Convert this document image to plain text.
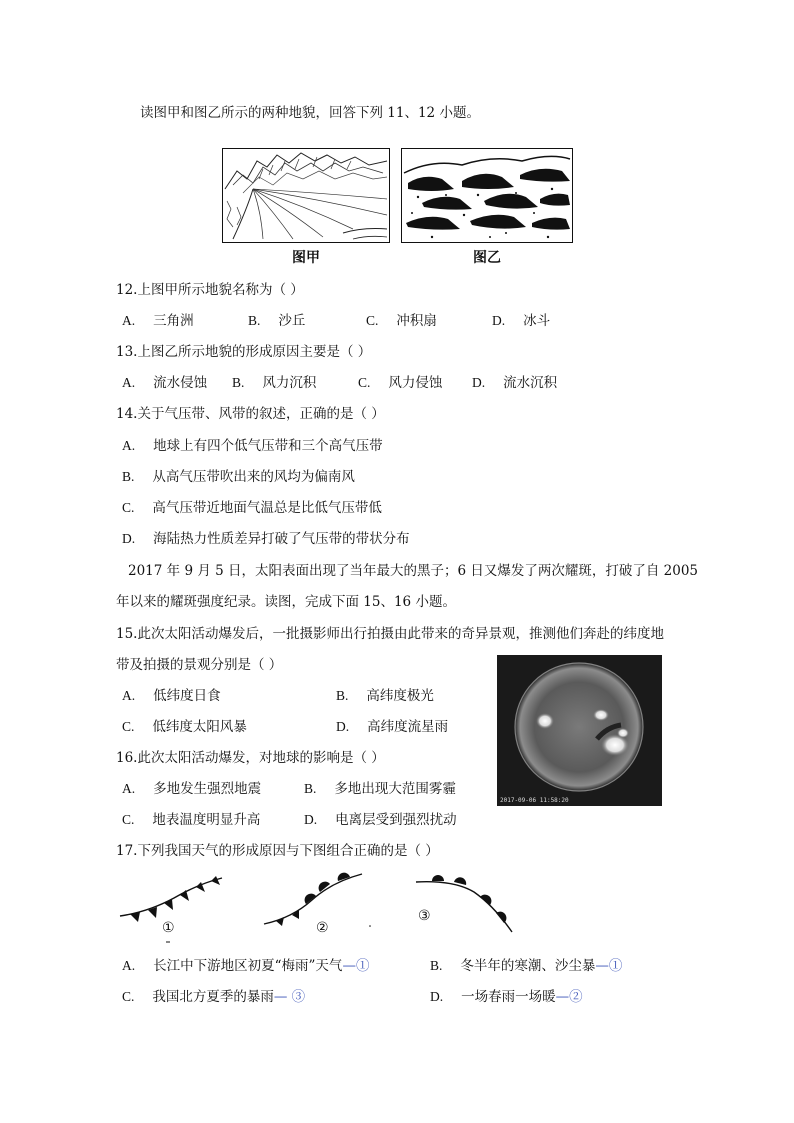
读图甲和图乙所示的两种地貌，回答下列 11、12 小题。
图甲	图乙
12.上图甲所示地貌名称为（ ）
A. 三角洲	B. 沙丘	C. 冲积扇	D. 冰斗
13.上图乙所示地貌的形成原因主要是（ ）
A. 流水侵蚀 B. 风力沉积	C. 风力侵蚀 D. 流水沉积
14.关于气压带、风带的叙述，正确的是（ ）
A. 地球上有四个低气压带和三个高气压带
B. 从高气压带吹出来的风均为偏南风
C. 高气压带近地面气温总是比低气压带低
D. 海陆热力性质差异打破了气压带的带状分布
2017 年 9 月 5 日，太阳表面出现了当年最大的黑子；6 日又爆发了两次耀斑，打破了自 2005
年以来的耀斑强度纪录。读图，完成下面 15、16 小题。
15.此次太阳活动爆发后，一批摄影师出行拍摄由此带来的奇异景观，推测他们奔赴的纬度地
带及拍摄的景观分别是（ ）
A. 低纬度日食	B. 高纬度极光
C. 低纬度太阳风暴	D. 高纬度流星雨
2017-09-06 11:58:20
16.此次太阳活动爆发，对地球的影响是（ ）
A. 多地发生强烈地震	B. 多地出现大范围雾霾
C. 地表温度明显升高	D. 电离层受到强烈扰动
17.下列我国天气的形成原因与下图组合正确的是（ ）
①	②
③
A. 长江中下游地区初夏“梅雨”天气—①	B. 冬半年的寒潮、沙尘暴—①
C. 我国北方夏季的暴雨— ③	D. 一场春雨一场暖—②
